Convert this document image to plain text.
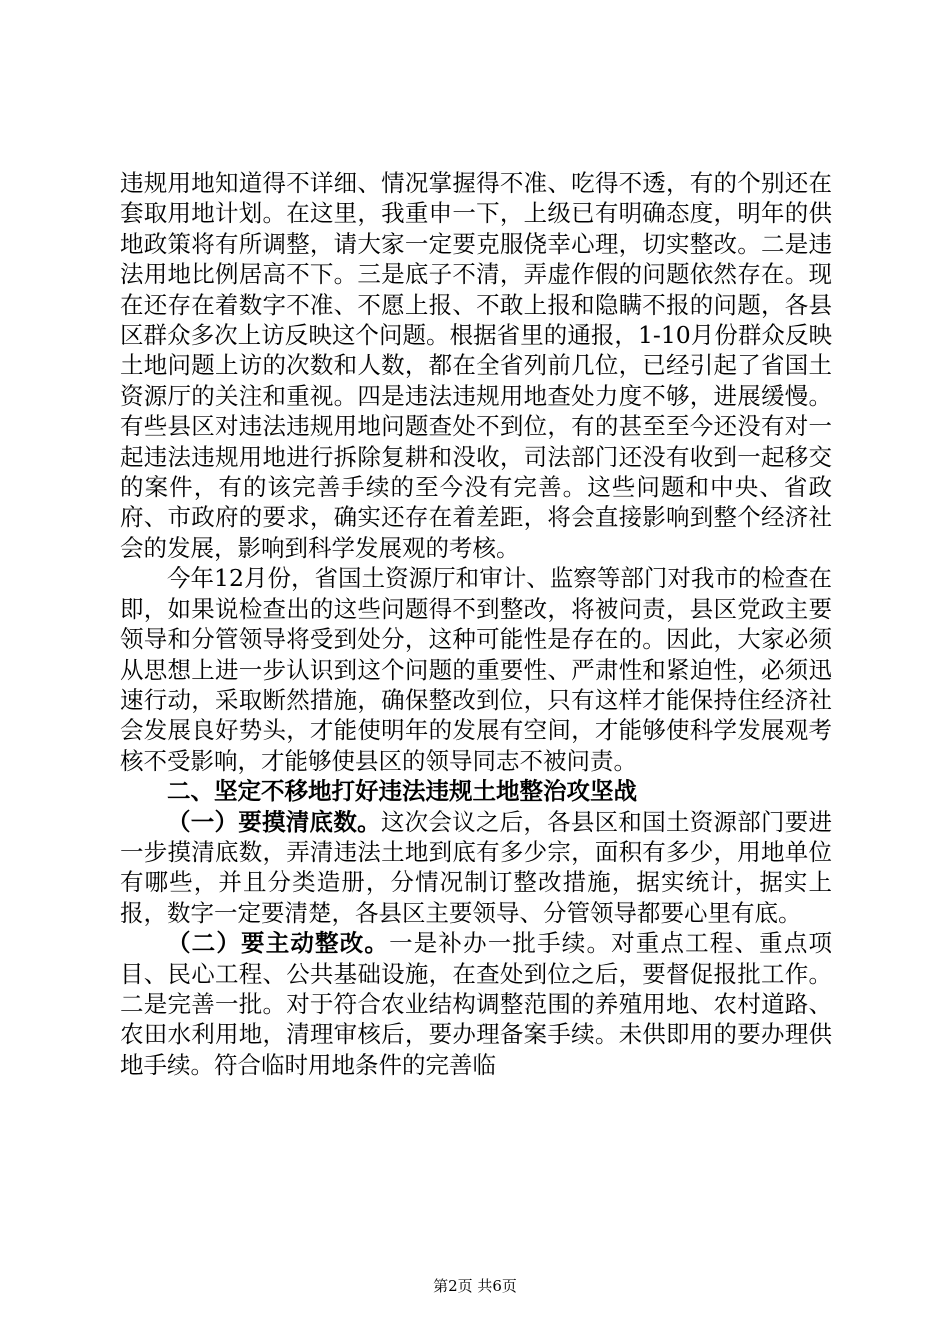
违规用地知道得不详细、情况掌握得不准、吃得不透，有的个别还在套取用地计划。在这里，我重申一下，上级已有明确态度，明年的供地政策将有所调整，请大家一定要克服侥幸心理，切实整改。二是违法用地比例居高不下。三是底子不清，弄虚作假的问题依然存在。现在还存在着数字不准、不愿上报、不敢上报和隐瞒不报的问题，各县区群众多次上访反映这个问题。根据省里的通报，1-10月份群众反映土地问题上访的次数和人数，都在全省列前几位，已经引起了省国土资源厅的关注和重视。四是违法违规用地查处力度不够，进展缓慢。有些县区对违法违规用地问题查处不到位，有的甚至至今还没有对一起违法违规用地进行拆除复耕和没收，司法部门还没有收到一起移交的案件，有的该完善手续的至今没有完善。这些问题和中央、省政府、市政府的要求，确实还存在着差距，将会直接影响到整个经济社会的发展，影响到科学发展观的考核。

今年12月份，省国土资源厅和审计、监察等部门对我市的检查在即，如果说检查出的这些问题得不到整改，将被问责，县区党政主要领导和分管领导将受到处分，这种可能性是存在的。因此，大家必须从思想上进一步认识到这个问题的重要性、严肃性和紧迫性，必须迅速行动，采取断然措施，确保整改到位，只有这样才能保持住经济社会发展良好势头，才能使明年的发展有空间，才能够使科学发展观考核不受影响，才能够使县区的领导同志不被问责。

二、坚定不移地打好违法违规土地整治攻坚战

（一）要摸清底数。这次会议之后，各县区和国土资源部门要进一步摸清底数，弄清违法土地到底有多少宗，面积有多少，用地单位有哪些，并且分类造册，分情况制订整改措施，据实统计，据实上报，数字一定要清楚，各县区主要领导、分管领导都要心里有底。

（二）要主动整改。一是补办一批手续。对重点工程、重点项目、民心工程、公共基础设施，在查处到位之后，要督促报批工作。二是完善一批。对于符合农业结构调整范围的养殖用地、农村道路、农田水利用地，清理审核后，要办理备案手续。未供即用的要办理供地手续。符合临时用地条件的完善临

第2页 共6页
